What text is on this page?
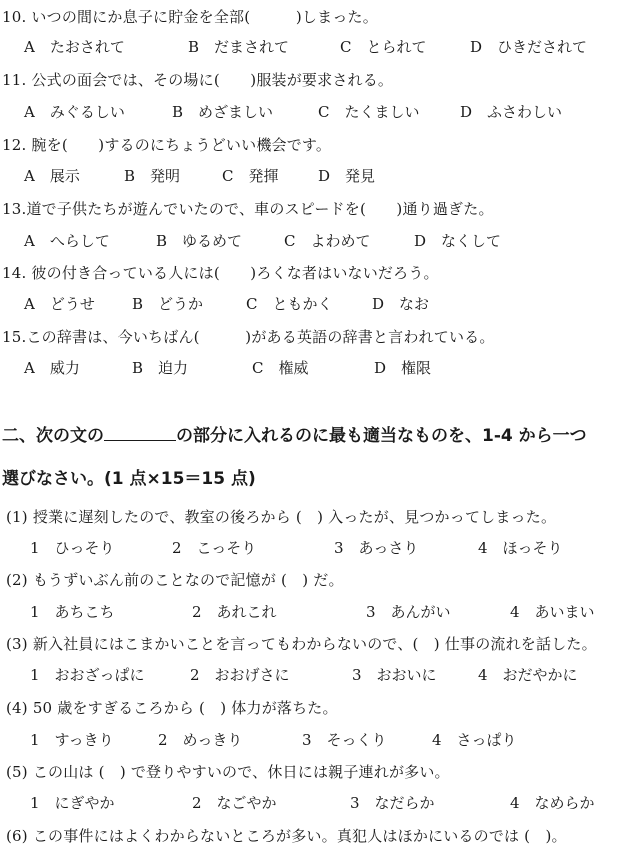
10. いつの間にか息子に貯金を全部(　　　)しまった。
A　たおされて	B　だまされて	C　とられて	D　ひきだされて
11. 公式の面会では、その場に(　　)服装が要求される。
A　みぐるしい	B　めざましい	C　たくましい	D　ふさわしい
12. 腕を(　　)するのにちょうどいい機会です。
A　展示	B　発明	C　発揮	D　発見
13.道で子供たちが遊んでいたので、車のスピードを(　　)通り過ぎた。
A　へらして	B　ゆるめて	C　よわめて	D　なくして
14. 彼の付き合っている人には(　　)ろくな者はいないだろう。
A　どうせ B　どうか	C　ともかく	D　なお
15.この辞書は、今いちばん(　　　)がある英語の辞書と言われている。
A　威力	B　迫力	C　権威	D　権限
二、次の文の	の部分に入れるのに最も適当なものを、1-4 から一つ
選びなさい。(1 点×15＝15 点)
(1) 授業に遅刻したので、教室の後ろから (　) 入ったが、見つかってしまった。
1　ひっそり	2　こっそり	3　あっさり	4　ほっそり
(2) もうずいぶん前のことなので記憶が (　) だ。
1　あちこち	2　あれこれ	3　あんがい	4　あいまい
(3) 新入社員にはこまかいことを言ってもわからないので、(　) 仕事の流れを話した。
1　おおざっぱに	2　おおげさに	3　おおいに	4　おだやかに
(4) 50 歳をすぎるころから (　) 体力が落ちた。
1　すっきり	2　めっきり	3　そっくり	4　さっぱり
(5) この山は (　) で登りやすいので、休日には親子連れが多い。
1　にぎやか	2　なごやか	3　なだらか	4　なめらか
(6) この事件にはよくわからないところが多い。真犯人はほかにいるのでは (　)。
